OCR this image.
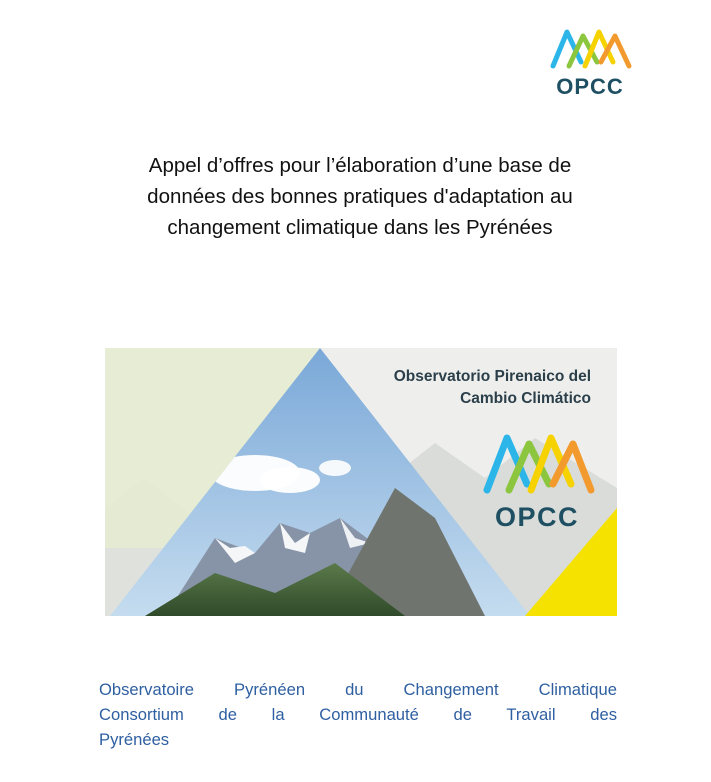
OPCC
Appel d’offres pour l’élaboration d’une base de
données des bonnes pratiques d'adaptation au
changement climatique dans les Pyrénées
Observatorio Pirenaico del
Cambio Climático
OPCC
Observatoire Pyrénéen du Changement Climatique
Consortium de la Communauté de Travail des
Pyrénées
